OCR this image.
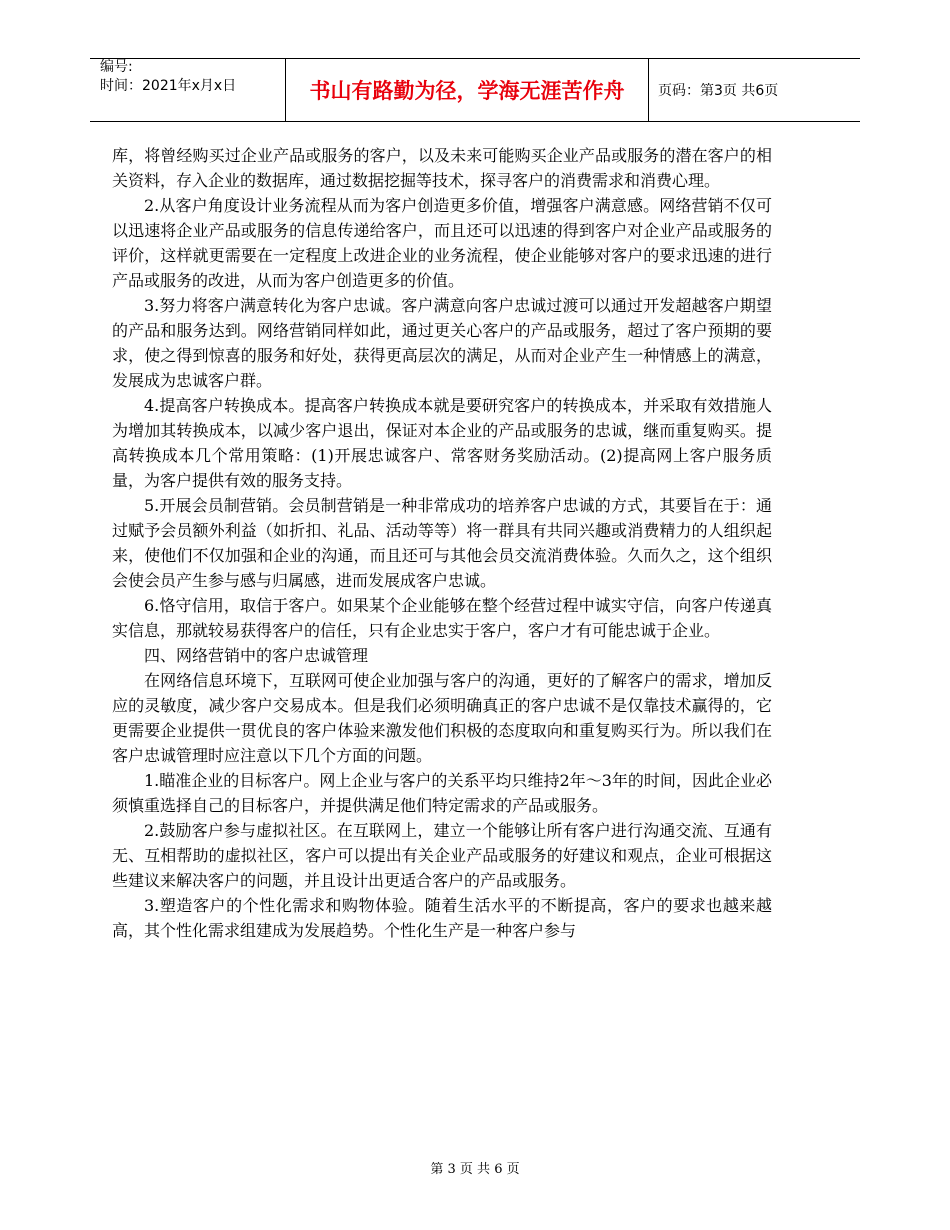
编号:
时间：2021年x月x日	书山有路勤为径，学海无涯苦作舟	页码：第3页 共6页

库，将曾经购买过企业产品或服务的客户，以及未来可能购买企业产品或服务的潜在客户的相关资料，存入企业的数据库，通过数据挖掘等技术，探寻客户的消费需求和消费心理。

2.从客户角度设计业务流程从而为客户创造更多价值，增强客户满意感。网络营销不仅可以迅速将企业产品或服务的信息传递给客户，而且还可以迅速的得到客户对企业产品或服务的评价，这样就更需要在一定程度上改进企业的业务流程，使企业能够对客户的要求迅速的进行产品或服务的改进，从而为客户创造更多的价值。

3.努力将客户满意转化为客户忠诚。客户满意向客户忠诚过渡可以通过开发超越客户期望的产品和服务达到。网络营销同样如此，通过更关心客户的产品或服务，超过了客户预期的要求，使之得到惊喜的服务和好处，获得更高层次的满足，从而对企业产生一种情感上的满意，发展成为忠诚客户群。

4.提高客户转换成本。提高客户转换成本就是要研究客户的转换成本，并采取有效措施人为增加其转换成本，以减少客户退出，保证对本企业的产品或服务的忠诚，继而重复购买。提高转换成本几个常用策略：(1)开展忠诚客户、常客财务奖励活动。(2)提高网上客户服务质量，为客户提供有效的服务支持。

5.开展会员制营销。会员制营销是一种非常成功的培养客户忠诚的方式，其要旨在于：通过赋予会员额外利益（如折扣、礼品、活动等等）将一群具有共同兴趣或消费精力的人组织起来，使他们不仅加强和企业的沟通，而且还可与其他会员交流消费体验。久而久之，这个组织会使会员产生参与感与归属感，进而发展成客户忠诚。

6.恪守信用，取信于客户。如果某个企业能够在整个经营过程中诚实守信，向客户传递真实信息，那就较易获得客户的信任，只有企业忠实于客户，客户才有可能忠诚于企业。

四、网络营销中的客户忠诚管理

在网络信息环境下，互联网可使企业加强与客户的沟通，更好的了解客户的需求，增加反应的灵敏度，减少客户交易成本。但是我们必须明确真正的客户忠诚不是仅靠技术赢得的，它更需要企业提供一贯优良的客户体验来激发他们积极的态度取向和重复购买行为。所以我们在客户忠诚管理时应注意以下几个方面的问题。

1.瞄准企业的目标客户。网上企业与客户的关系平均只维持2年～3年的时间，因此企业必须慎重选择自己的目标客户，并提供满足他们特定需求的产品或服务。

2.鼓励客户参与虚拟社区。在互联网上，建立一个能够让所有客户进行沟通交流、互通有无、互相帮助的虚拟社区，客户可以提出有关企业产品或服务的好建议和观点，企业可根据这些建议来解决客户的问题，并且设计出更适合客户的产品或服务。

3.塑造客户的个性化需求和购物体验。随着生活水平的不断提高，客户的要求也越来越高，其个性化需求组建成为发展趋势。个性化生产是一种客户参与

第 3 页 共 6 页
